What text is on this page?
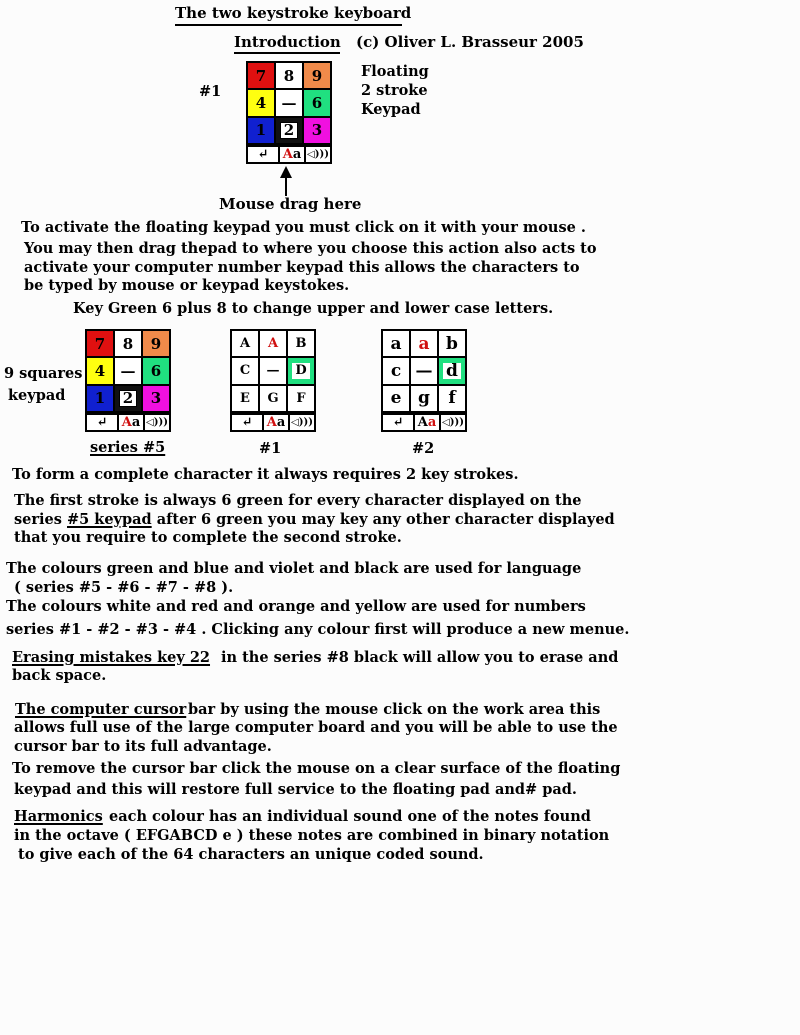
The two keystroke keyboard
Introduction (c) Oliver L. Brasseur 2005
#1
7 8 9
4 — 6
1 2 3
↵ A a ◁)))
Floating
2 stroke
Keypad
Mouse drag here
To activate the floating keypad you must click on it with your mouse .
You may then drag thepad to where you choose this action also acts to
activate your computer number keypad this allows the characters to
be typed by mouse or keypad keystokes.
Key Green 6 plus 8 to change upper and lower case letters.
9 squares
keypad
7 8 9
4 — 6
1 2 3
↵ A a ◁)))
series #5
A A B
C — D
E G F
↵ A a ◁)))
#1
a a b
c — d
e g f
↵ A a ◁)))
#2
To form a complete character it always requires 2 key strokes.
The first stroke is always 6 green for every character displayed on the
series #5 keypad after 6 green you may key any other character displayed
that you require to complete the second stroke.
The colours green and blue and violet and black are used for language
( series #5 - #6 - #7 - #8 ).
The colours white and red and orange and yellow are used for numbers
series #1 - #2 - #3 - #4 . Clicking any colour first will produce a new menue.
Erasing mistakes key 22 in the series #8 black will allow you to erase and
back space.
The computer cursor bar by using the mouse click on the work area this
allows full use of the large computer board and you will be able to use the
cursor bar to its full advantage.
To remove the cursor bar click the mouse on a clear surface of the floating
keypad and this will restore full service to the floating pad and# pad.
Harmonics each colour has an individual sound one of the notes found
in the octave ( EFGABCD e ) these notes are combined in binary notation
to give each of the 64 characters an unique coded sound.
